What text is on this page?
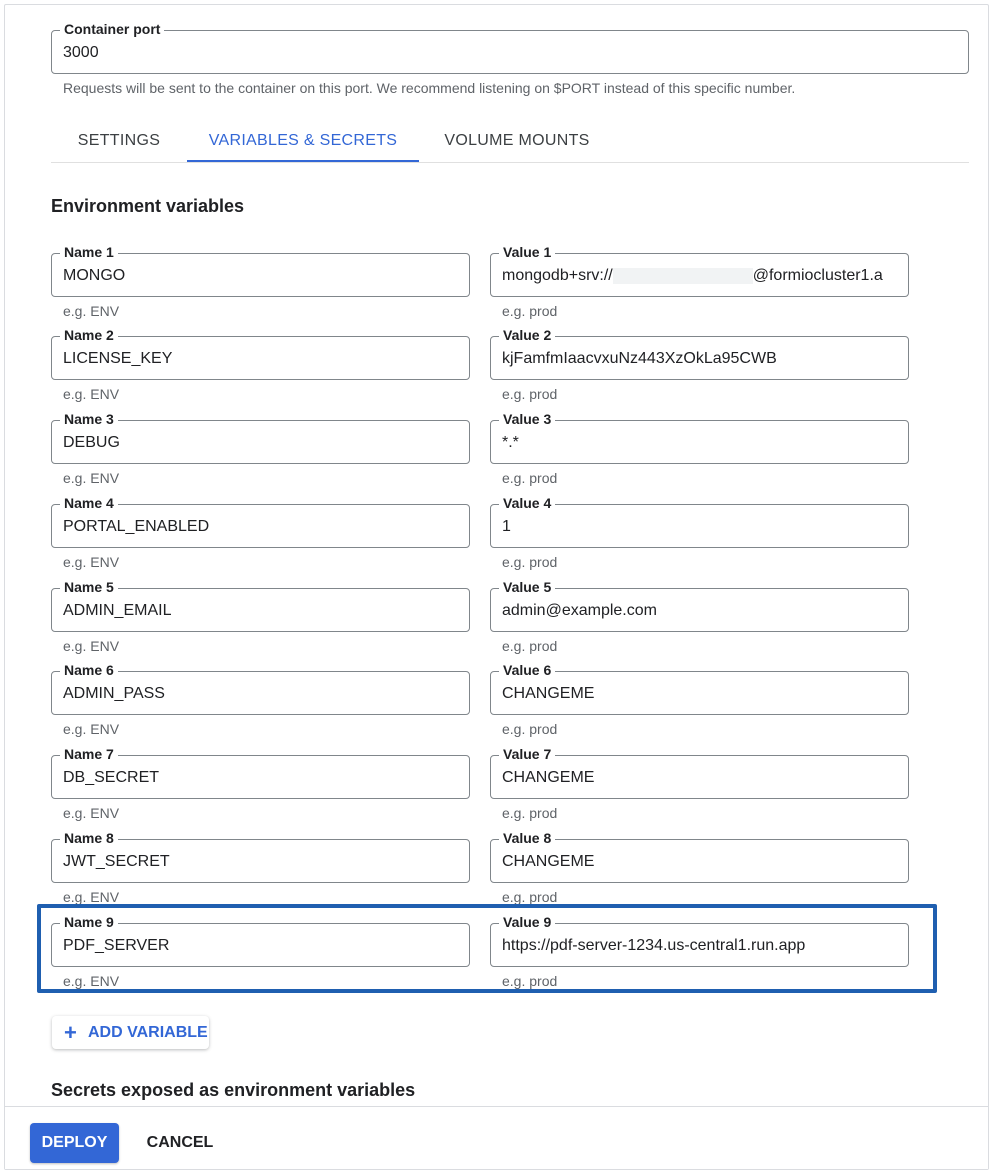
Container port
3000
Requests will be sent to the container on this port. We recommend listening on $PORT instead of this specific number.
SETTINGS	VARIABLES & SECRETS	VOLUME MOUNTS
Environment variables
Name 1
MONGO
e.g. ENV
Value 1
mongodb+srv://	@formiocluster1.a
e.g. prod
Name 2
LICENSE_KEY
e.g. ENV
Value 2
kjFamfmIaacvxuNz443XzOkLa95CWB
e.g. prod
Name 3
DEBUG
e.g. ENV
Value 3
*.*
e.g. prod
Name 4
PORTAL_ENABLED
e.g. ENV
Value 4
1
e.g. prod
Name 5
ADMIN_EMAIL
e.g. ENV
Value 5
admin@example.com
e.g. prod
Name 6
ADMIN_PASS
e.g. ENV
Value 6
CHANGEME
e.g. prod
Name 7
DB_SECRET
e.g. ENV
Value 7
CHANGEME
e.g. prod
Name 8
JWT_SECRET
e.g. ENV
Value 8
CHANGEME
e.g. prod
Name 9
PDF_SERVER
e.g. ENV
Value 9
https://pdf-server-1234.us-central1.run.app
e.g. prod
+ ADD VARIABLE
Secrets exposed as environment variables
DEPLOY	CANCEL
